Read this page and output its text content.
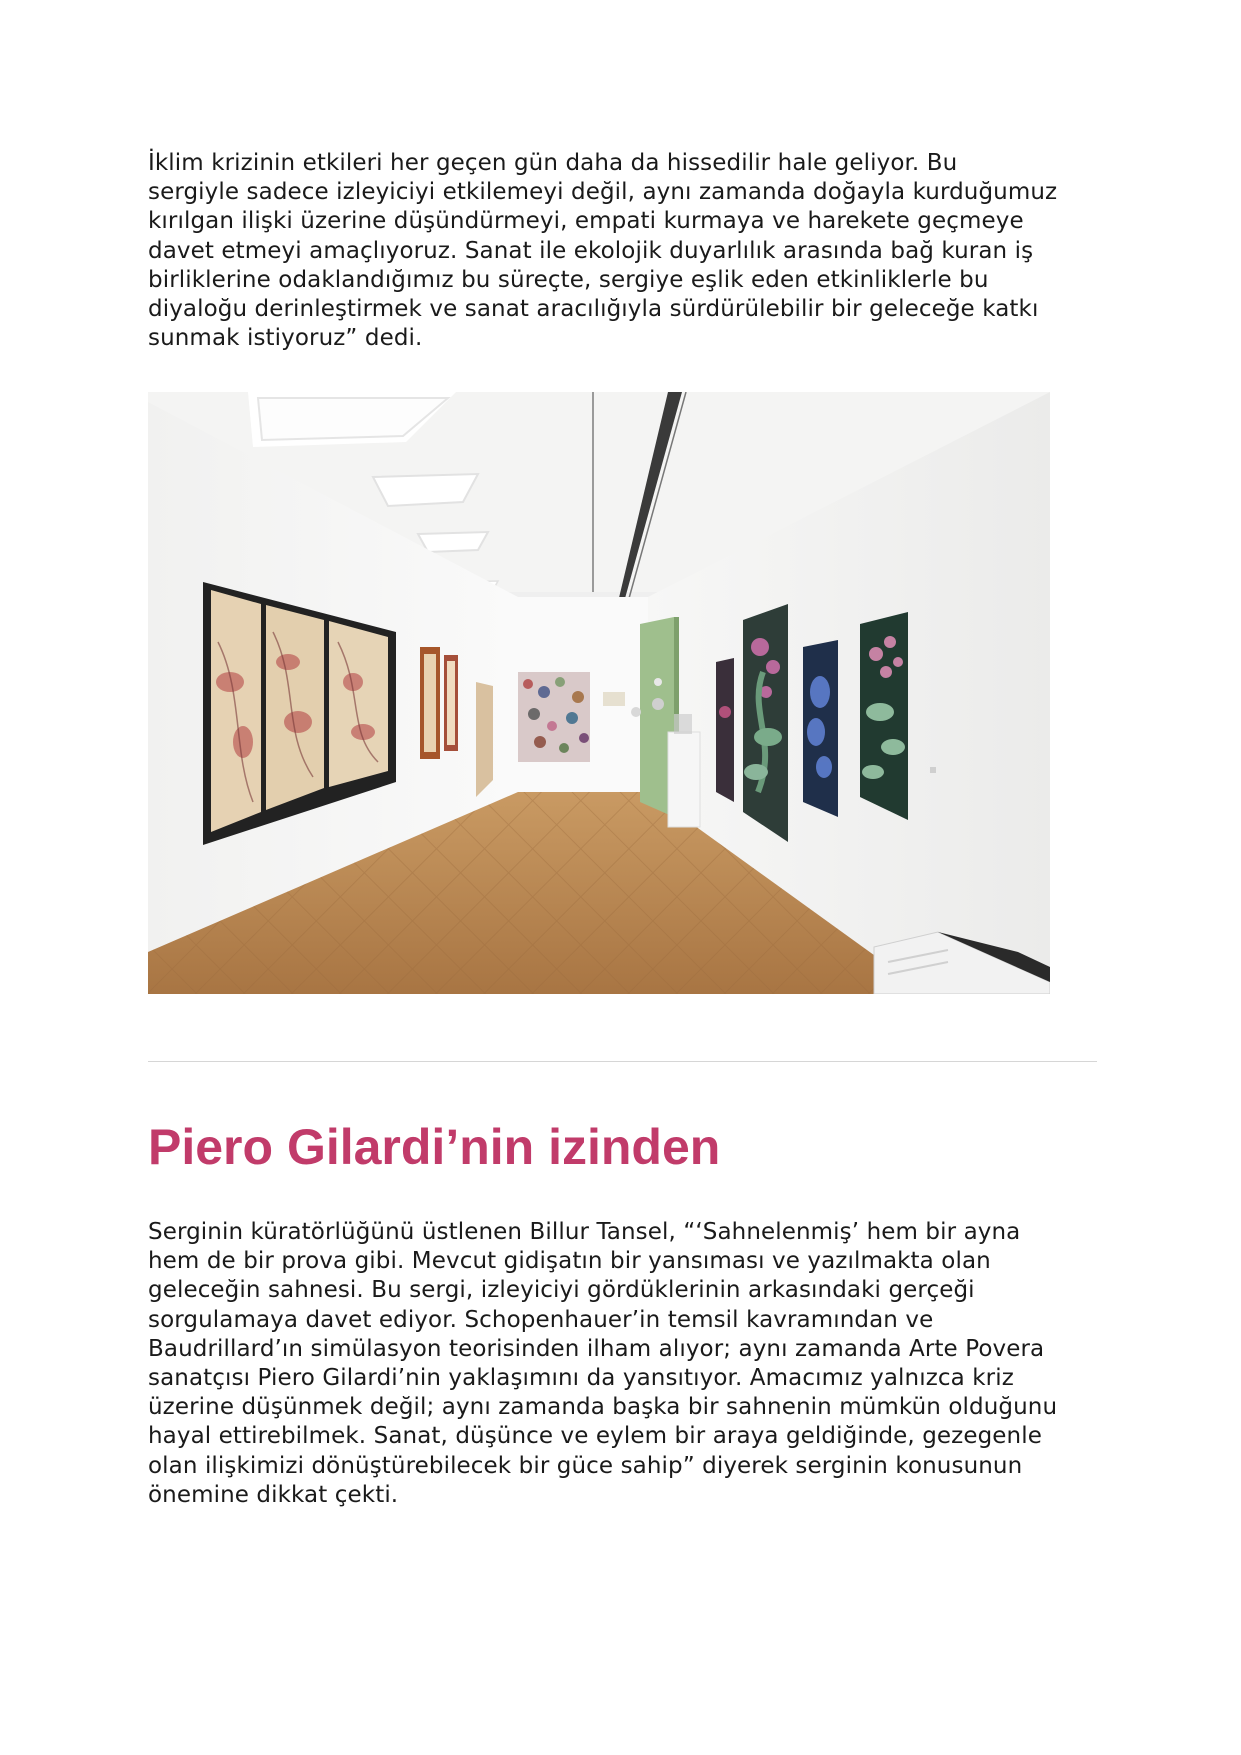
İklim krizinin etkileri her geçen gün daha da hissedilir hale geliyor. Bu
sergiyle sadece izleyiciyi etkilemeyi değil, aynı zamanda doğayla kurduğumuz
kırılgan ilişki üzerine düşündürmeyi, empati kurmaya ve harekete geçmeye
davet etmeyi amaçlıyoruz. Sanat ile ekolojik duyarlılık arasında bağ kuran iş
birliklerine odaklandığımız bu süreçte, sergiye eşlik eden etkinliklerle bu
diyaloğu derinleştirmek ve sanat aracılığıyla sürdürülebilir bir geleceğe katkı
sunmak istiyoruz” dedi.

Piero Gilardi’nin izinden

Serginin küratörlüğünü üstlenen Billur Tansel, “‘Sahnelenmiş’ hem bir ayna
hem de bir prova gibi. Mevcut gidişatın bir yansıması ve yazılmakta olan
geleceğin sahnesi. Bu sergi, izleyiciyi gördüklerinin arkasındaki gerçeği
sorgulamaya davet ediyor. Schopenhauer’in temsil kavramından ve
Baudrillard’ın simülasyon teorisinden ilham alıyor; aynı zamanda Arte Povera
sanatçısı Piero Gilardi’nin yaklaşımını da yansıtıyor. Amacımız yalnızca kriz
üzerine düşünmek değil; aynı zamanda başka bir sahnenin mümkün olduğunu
hayal ettirebilmek. Sanat, düşünce ve eylem bir araya geldiğinde, gezegenle
olan ilişkimizi dönüştürebilecek bir güce sahip” diyerek serginin konusunun
önemine dikkat çekti.
